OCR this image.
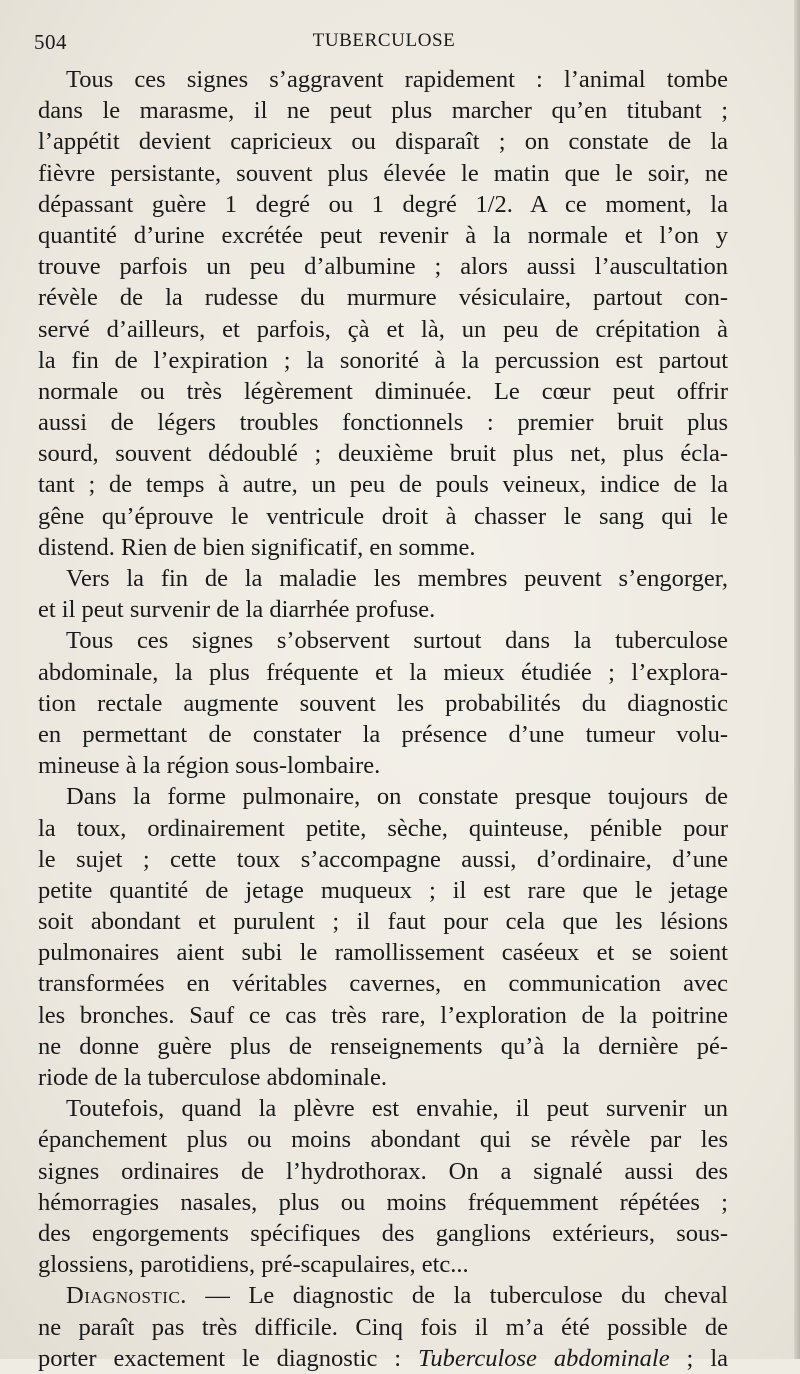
504	TUBERCULOSE
Tous ces signes s’aggravent rapidement : l’animal tombe
dans le marasme, il ne peut plus marcher qu’en titubant ;
l’appétit devient capricieux ou disparaît ; on constate de la
fièvre persistante, souvent plus élevée le matin que le soir, ne
dépassant guère 1 degré ou 1 degré 1/2. A ce moment, la
quantité d’urine excrétée peut revenir à la normale et l’on y
trouve parfois un peu d’albumine ; alors aussi l’auscultation
révèle de la rudesse du murmure vésiculaire, partout con-
servé d’ailleurs, et parfois, çà et là, un peu de crépitation à
la fin de l’expiration ; la sonorité à la percussion est partout
normale ou très légèrement diminuée. Le cœur peut offrir
aussi de légers troubles fonctionnels : premier bruit plus
sourd, souvent dédoublé ; deuxième bruit plus net, plus écla-
tant ; de temps à autre, un peu de pouls veineux, indice de la
gêne qu’éprouve le ventricule droit à chasser le sang qui le
distend. Rien de bien significatif, en somme.
Vers la fin de la maladie les membres peuvent s’engorger,
et il peut survenir de la diarrhée profuse.
Tous ces signes s’observent surtout dans la tuberculose
abdominale, la plus fréquente et la mieux étudiée ; l’explora-
tion rectale augmente souvent les probabilités du diagnostic
en permettant de constater la présence d’une tumeur volu-
mineuse à la région sous-lombaire.
Dans la forme pulmonaire, on constate presque toujours de
la toux, ordinairement petite, sèche, quinteuse, pénible pour
le sujet ; cette toux s’accompagne aussi, d’ordinaire, d’une
petite quantité de jetage muqueux ; il est rare que le jetage
soit abondant et purulent ; il faut pour cela que les lésions
pulmonaires aient subi le ramollissement caséeux et se soient
transformées en véritables cavernes, en communication avec
les bronches. Sauf ce cas très rare, l’exploration de la poitrine
ne donne guère plus de renseignements qu’à la dernière pé-
riode de la tuberculose abdominale.
Toutefois, quand la plèvre est envahie, il peut survenir un
épanchement plus ou moins abondant qui se révèle par les
signes ordinaires de l’hydrothorax. On a signalé aussi des
hémorragies nasales, plus ou moins fréquemment répétées ;
des engorgements spécifiques des ganglions extérieurs, sous-
glossiens, parotidiens, pré-scapulaires, etc...
Diagnostic. — Le diagnostic de la tuberculose du cheval
ne paraît pas très difficile. Cinq fois il m’a été possible de
porter exactement le diagnostic : Tuberculose abdominale ; la
